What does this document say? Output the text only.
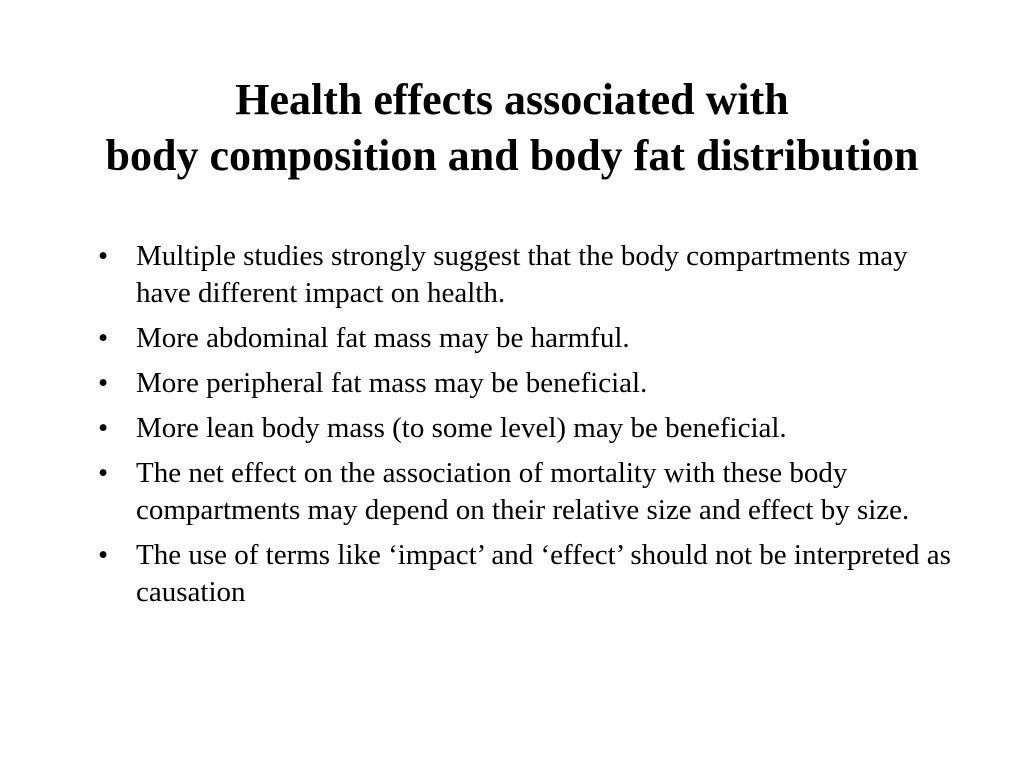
Health effects associated with
body composition and body fat distribution
• Multiple studies strongly suggest that the body compartments may have different impact on health.
• More abdominal fat mass may be harmful.
• More peripheral fat mass may be beneficial.
• More lean body mass (to some level) may be beneficial.
• The net effect on the association of mortality with these body compartments may depend on their relative size and effect by size.
• The use of terms like ‘impact’ and ‘effect’ should not be interpreted as causation
